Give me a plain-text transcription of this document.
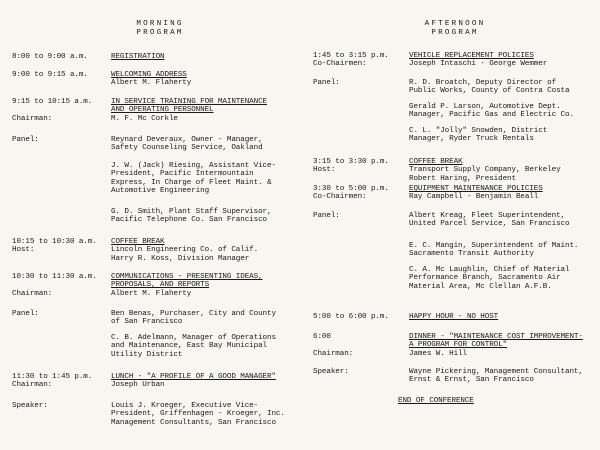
MORNING
PROGRAM
8:00 to 9:00 a.m.	REGISTRATION
9:00 to 9:15 a.m.	WELCOMING ADDRESS
Albert M. Flaherty
9:15 to 10:15 a.m. IN SERVICE TRAINING FOR MAINTENANCE
AND OPERATING PERSONNEL
Chairman:	M. F. Mc Corkle
Panel:	Reynard Deveraux, Owner - Manager,
Safety Counseling Service, Oakland
J. W. (Jack) Riesing, Assistant Vice-
President, Pacific Intermountain
Express, In Charge of Fleet Maint. &
Automotive Engineering
G. D. Smith, Plant Staff Supervisor,
Pacific Telephone Co. San Francisco
10:15 to 10:30 a.m. COFFEE BREAK
Host:	Lincoln Engineering Co. of Calif.
Harry R. Koss, Division Manager
10:30 to 11:30 a.m. COMMUNICATIONS - PRESENTING IDEAS,
PROPOSALS, AND REPORTS
Chairman:	Albert M. Flaherty
Panel:	Ben Benas, Purchaser, City and County
of San Francisco
C. B. Adelmann, Manager of Operations
and Maintenance, East Bay Municipal
Utility District
11:30 to 1:45 p.m. LUNCH - "A PROFILE OF A GOOD MANAGER"
Chairman:	Joseph Urban
Speaker:	Louis J. Kroeger, Executive Vice-
President, Griffenhagen - Kroeger, Inc.
Management Consultants, San Francisco
AFTERNOON
PROGRAM
1:45 to 3:15 p.m.	VEHICLE REPLACEMENT POLICIES
Co-Chairmen:	Joseph Intaschi - George Wemmer
Panel:	R. D. Broatch, Deputy Director of
Public Works, County of Contra Costa
Gerald P. Larson, Automotive Dept.
Manager, Pacific Gas and Electric Co.
C. L. "Jolly" Snowden, District
Manager, Ryder Truck Rentals
3:15 to 3:30 p.m.	COFFEE BREAK
Host:	Transport Supply Company, Berkeley
Robert Haring, President
3:30 to 5:00 p.m.	EQUIPMENT MAINTENANCE POLICIES
Co-Chairmen:	Ray Campbell - Benjamin Beall
Panel:	Albert Kreag, Fleet Superintendent,
United Parcel Service, San Francisco
E. C. Mangin, Superintendent of Maint.
Sacramento Transit Authority
C. A. Mc Laughlin, Chief of Material
Performance Branch, Sacramento Air
Material Area, Mc Clellan A.F.B.
5:00 to 6:00 p.m.	HAPPY HOUR - NO HOST
6:00	DINNER - "MAINTENANCE COST IMPROVEMENT-
A PROGRAM FOR CONTROL"
Chairman:	James W. Hill
Speaker:	Wayne Pickering, Management Consultant,
Ernst & Ernst, San Francisco
END OF CONFERENCE
